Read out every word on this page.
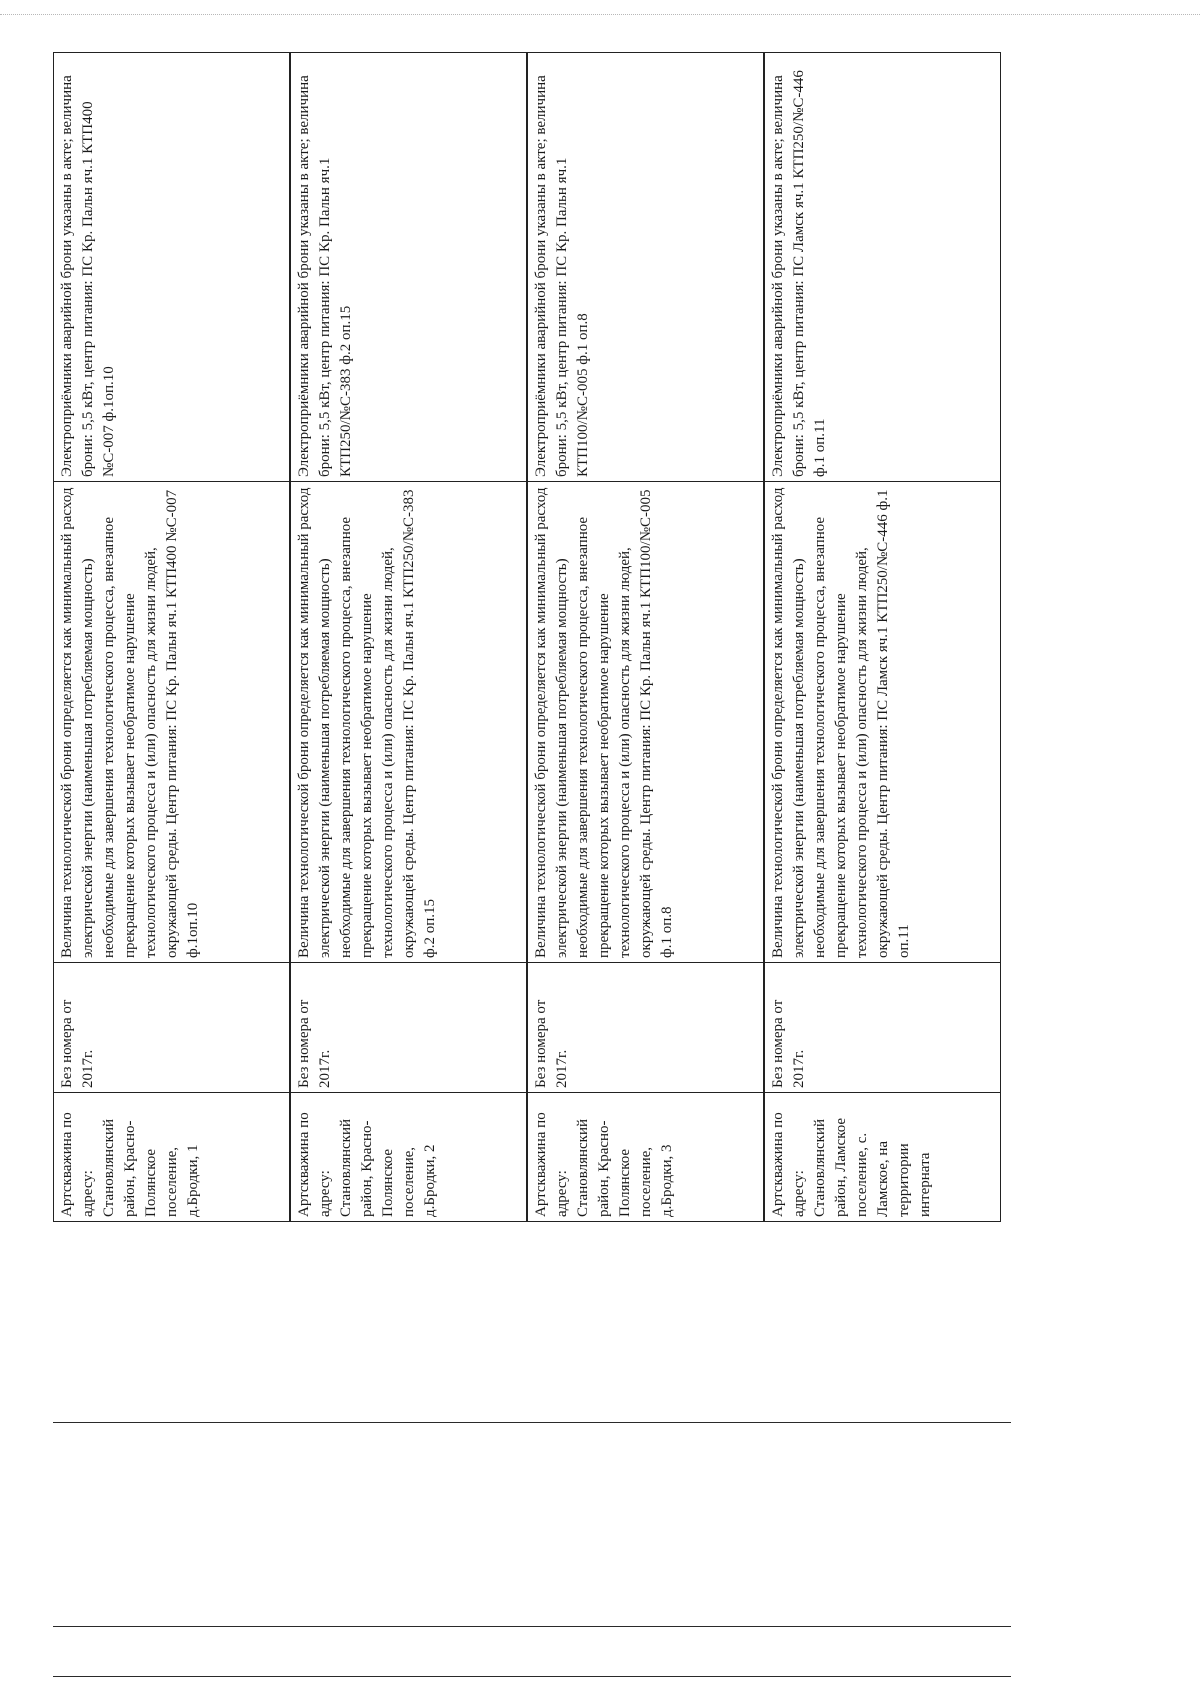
Артскважина по адресу: Становлянский район, Красно-Полянское поселение, д.Бродки, 1

Без номера от 2017г.

Величина технологической брони определяется как минимальный расход электрической энергии (наименьшая потребляемая мощность) необходимые для завершения технологического процесса, внезапное прекращение которых вызывает необратимое нарушение технологического процесса и (или) опасность для жизни людей, окружающей среды. Центр питания: ПС Кр. Пальн яч.1 КТП400 №С-007 ф.1оп.10

Электроприёмники аварийной брони указаны в акте; величина брони: 5,5 кВт, центр питания: ПС Кр. Пальн яч.1 КТП400 №С-007 ф.1оп.10

Артскважина по адресу: Становлянский район, Красно-Полянское поселение, д.Бродки, 2

Без номера от 2017г.

Величина технологической брони определяется как минимальный расход электрической энергии (наименьшая потребляемая мощность) необходимые для завершения технологического процесса, внезапное прекращение которых вызывает необратимое нарушение технологического процесса и (или) опасность для жизни людей, окружающей среды. Центр питания: ПС Кр. Пальн яч.1 КТП250/№С-383 ф.2 оп.15

Электроприёмники аварийной брони указаны в акте; величина брони: 5,5 кВт, центр питания: ПС Кр. Пальн яч.1 КТП250/№С-383 ф.2 оп.15

Артскважина по адресу: Становлянский район, Красно-Полянское поселение, д.Бродки, 3

Без номера от 2017г.

Величина технологической брони определяется как минимальный расход электрической энергии (наименьшая потребляемая мощность) необходимые для завершения технологического процесса, внезапное прекращение которых вызывает необратимое нарушение технологического процесса и (или) опасность для жизни людей, окружающей среды. Центр питания: ПС Кр. Пальн яч.1 КТП100/№С-005 ф.1 оп.8

Электроприёмники аварийной брони указаны в акте; величина брони: 5,5 кВт, центр питания: ПС Кр. Пальн яч.1 КТП100/№С-005 ф.1 оп.8

Артскважина по адресу: Становлянский район, Ламское поселение, с. Ламское, на территории интерната

Без номера от 2017г.

Величина технологической брони определяется как минимальный расход электрической энергии (наименьшая потребляемая мощность) необходимые для завершения технологического процесса, внезапное прекращение которых вызывает необратимое нарушение технологического процесса и (или) опасность для жизни людей, окружающей среды. Центр питания: ПС Ламск яч.1 КТП250/№С-446 ф.1 оп.11

Электроприёмники аварийной брони указаны в акте; величина брони: 5,5 кВт, центр питания: ПС Ламск яч.1 КТП250/№С-446 ф.1 оп.11
